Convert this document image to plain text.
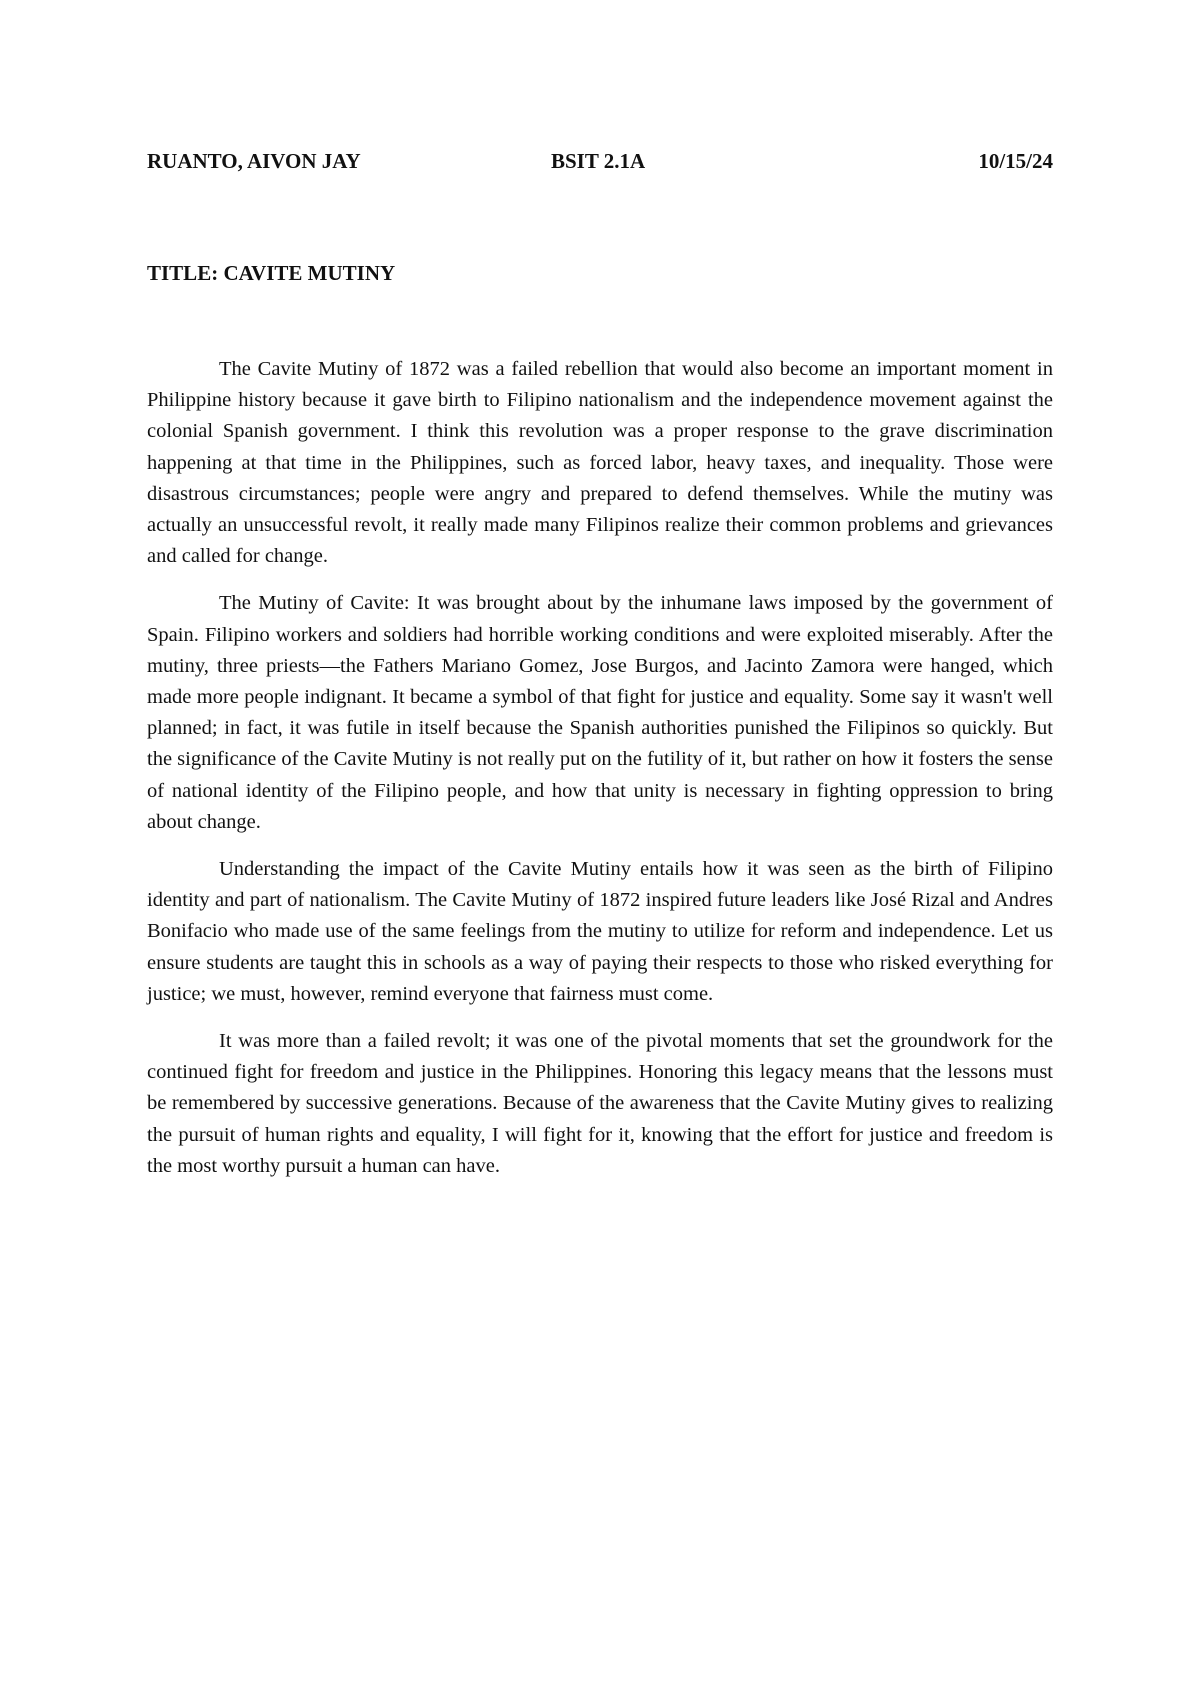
RUANTO, AIVON JAY	BSIT 2.1A	10/15/24
TITLE: CAVITE MUTINY

The Cavite Mutiny of 1872 was a failed rebellion that would also become an important moment in Philippine history because it gave birth to Filipino nationalism and the independence movement against the colonial Spanish government. I think this revolution was a proper response to the grave discrimination happening at that time in the Philippines, such as forced labor, heavy taxes, and inequality. Those were disastrous circumstances; people were angry and prepared to defend themselves. While the mutiny was actually an unsuccessful revolt, it really made many Filipinos realize their common problems and grievances and called for change.

The Mutiny of Cavite: It was brought about by the inhumane laws imposed by the government of Spain. Filipino workers and soldiers had horrible working conditions and were exploited miserably. After the mutiny, three priests—the Fathers Mariano Gomez, Jose Burgos, and Jacinto Zamora were hanged, which made more people indignant. It became a symbol of that fight for justice and equality. Some say it wasn't well planned; in fact, it was futile in itself because the Spanish authorities punished the Filipinos so quickly. But the significance of the Cavite Mutiny is not really put on the futility of it, but rather on how it fosters the sense of national identity of the Filipino people, and how that unity is necessary in fighting oppression to bring about change.

Understanding the impact of the Cavite Mutiny entails how it was seen as the birth of Filipino identity and part of nationalism. The Cavite Mutiny of 1872 inspired future leaders like José Rizal and Andres Bonifacio who made use of the same feelings from the mutiny to utilize for reform and independence. Let us ensure students are taught this in schools as a way of paying their respects to those who risked everything for justice; we must, however, remind everyone that fairness must come.

It was more than a failed revolt; it was one of the pivotal moments that set the groundwork for the continued fight for freedom and justice in the Philippines. Honoring this legacy means that the lessons must be remembered by successive generations. Because of the awareness that the Cavite Mutiny gives to realizing the pursuit of human rights and equality, I will fight for it, knowing that the effort for justice and freedom is the most worthy pursuit a human can have.
